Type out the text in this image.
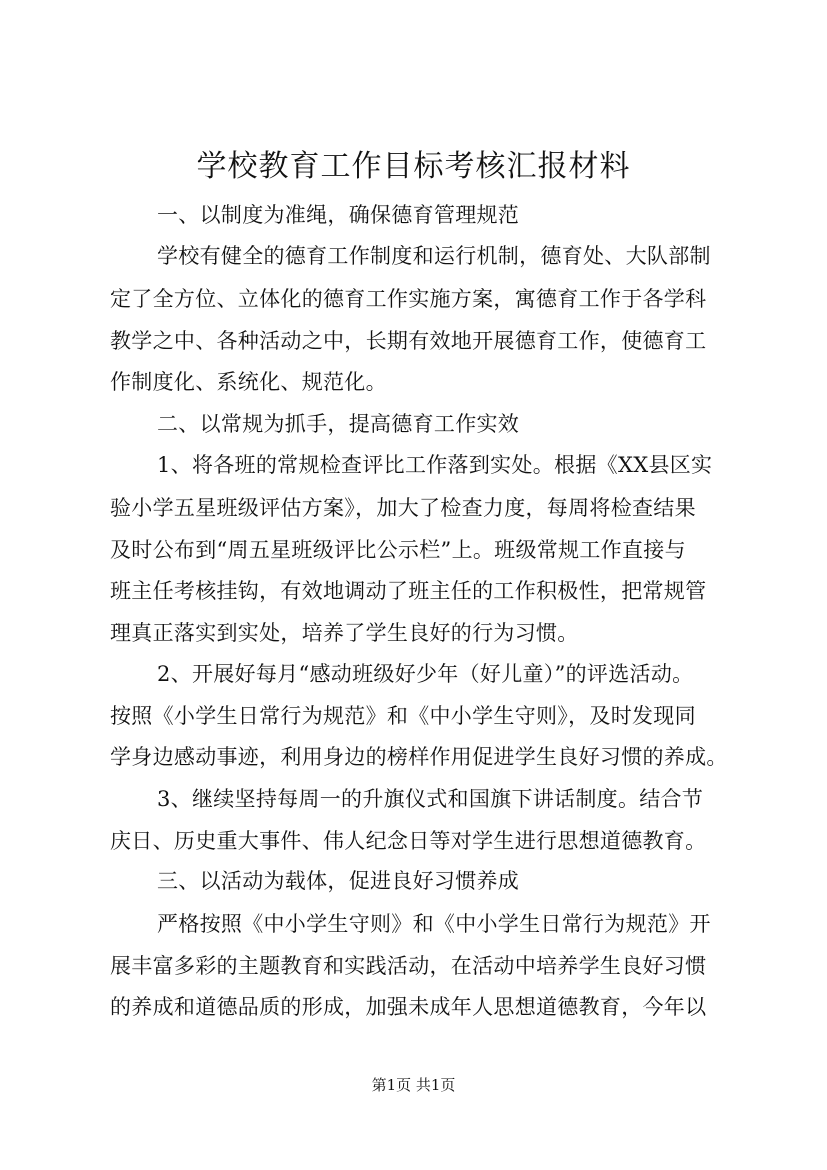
学校教育工作目标考核汇报材料
一、以制度为准绳，确保德育管理规范
学校有健全的德育工作制度和运行机制，德育处、大队部制
定了全方位、立体化的德育工作实施方案，寓德育工作于各学科
教学之中、各种活动之中，长期有效地开展德育工作，使德育工
作制度化、系统化、规范化。
二、以常规为抓手，提高德育工作实效
1、将各班的常规检查评比工作落到实处。根据《XX县区实
验小学五星班级评估方案》，加大了检查力度，每周将检查结果
及时公布到“周五星班级评比公示栏”上。班级常规工作直接与
班主任考核挂钩，有效地调动了班主任的工作积极性，把常规管
理真正落实到实处，培养了学生良好的行为习惯。
2、开展好每月“感动班级好少年（好儿童）”的评选活动。
按照《小学生日常行为规范》和《中小学生守则》，及时发现同
学身边感动事迹，利用身边的榜样作用促进学生良好习惯的养成。
3、继续坚持每周一的升旗仪式和国旗下讲话制度。结合节
庆日、历史重大事件、伟人纪念日等对学生进行思想道德教育。
三、以活动为载体，促进良好习惯养成
严格按照《中小学生守则》和《中小学生日常行为规范》开
展丰富多彩的主题教育和实践活动，在活动中培养学生良好习惯
的养成和道德品质的形成，加强未成年人思想道德教育，今年以
第1页 共1页
